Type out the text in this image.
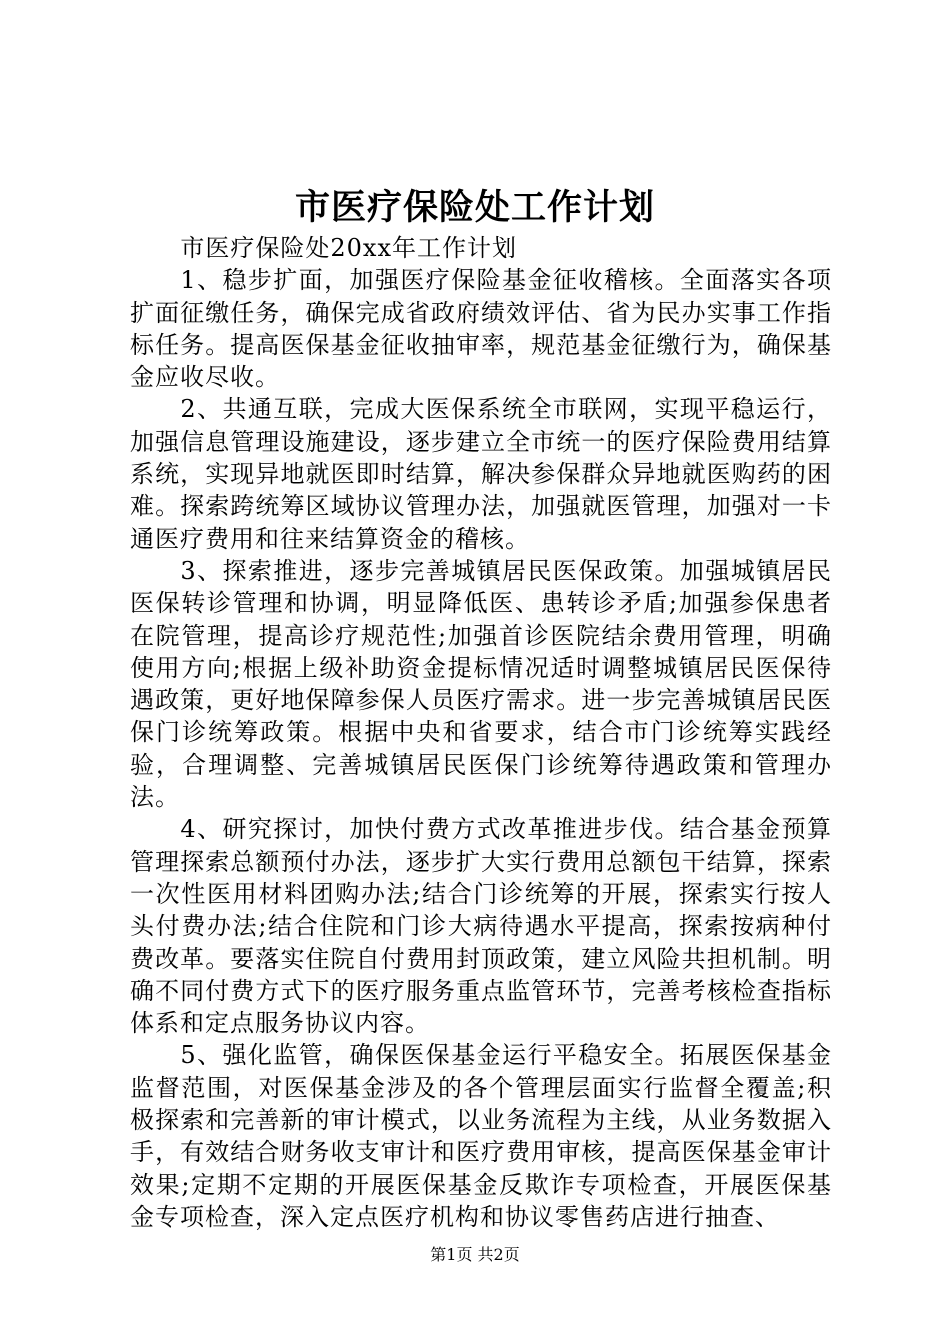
市医疗保险处工作计划

市医疗保险处20xx年工作计划

1、稳步扩面，加强医疗保险基金征收稽核。全面落实各项扩面征缴任务，确保完成省政府绩效评估、省为民办实事工作指标任务。提高医保基金征收抽审率，规范基金征缴行为，确保基金应收尽收。

2、共通互联，完成大医保系统全市联网，实现平稳运行，加强信息管理设施建设，逐步建立全市统一的医疗保险费用结算系统，实现异地就医即时结算，解决参保群众异地就医购药的困难。探索跨统筹区域协议管理办法，加强就医管理，加强对一卡通医疗费用和往来结算资金的稽核。

3、探索推进，逐步完善城镇居民医保政策。加强城镇居民医保转诊管理和协调，明显降低医、患转诊矛盾;加强参保患者在院管理，提高诊疗规范性;加强首诊医院结余费用管理，明确使用方向;根据上级补助资金提标情况适时调整城镇居民医保待遇政策，更好地保障参保人员医疗需求。进一步完善城镇居民医保门诊统筹政策。根据中央和省要求，结合市门诊统筹实践经验，合理调整、完善城镇居民医保门诊统筹待遇政策和管理办法。

4、研究探讨，加快付费方式改革推进步伐。结合基金预算管理探索总额预付办法，逐步扩大实行费用总额包干结算，探索一次性医用材料团购办法;结合门诊统筹的开展，探索实行按人头付费办法;结合住院和门诊大病待遇水平提高，探索按病种付费改革。要落实住院自付费用封顶政策，建立风险共担机制。明确不同付费方式下的医疗服务重点监管环节，完善考核检查指标体系和定点服务协议内容。

5、强化监管，确保医保基金运行平稳安全。拓展医保基金监督范围，对医保基金涉及的各个管理层面实行监督全覆盖;积极探索和完善新的审计模式，以业务流程为主线，从业务数据入手，有效结合财务收支审计和医疗费用审核，提高医保基金审计效果;定期不定期的开展医保基金反欺诈专项检查，开展医保基金专项检查，深入定点医疗机构和协议零售药店进行抽查、

第1页 共2页
